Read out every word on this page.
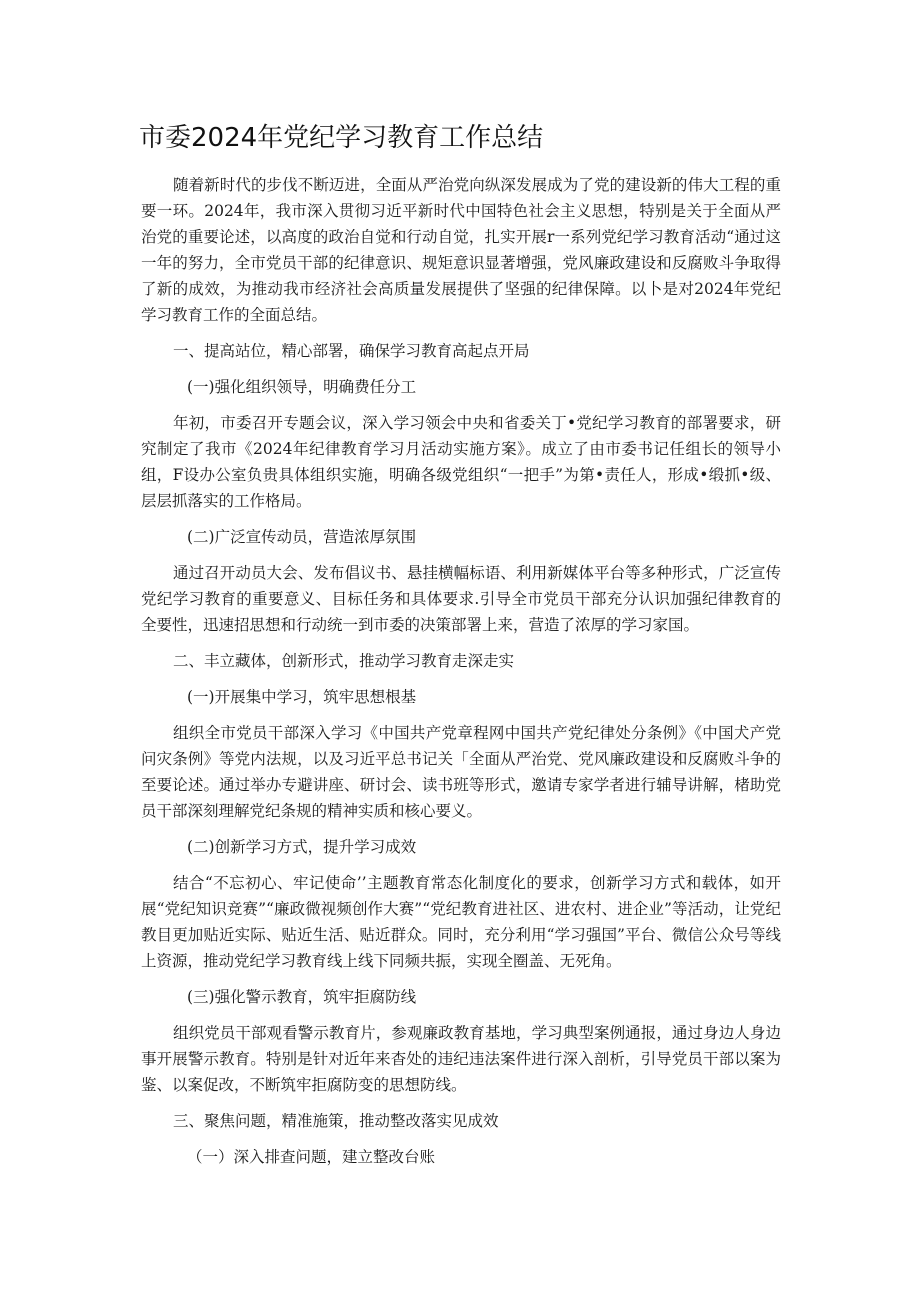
市委2024年党纪学习教育工作总结

随着新时代的步伐不断迈进，全面从严治党向纵深发展成为了党的建设新的伟大工程的重要一环。2024年，我市深入贯彻习近平新时代中国特色社会主义思想，特别是关于全面从严治党的重要论述，以高度的政治自觉和行动自觉，扎实开展r一系列党纪学习教育活动“通过这一年的努力，全市党员干部的纪律意识、规矩意识显著增强，党风廉政建设和反腐败斗争取得了新的成效，为推动我市经济社会高质量发展提供了坚强的纪律保障。以卜是对2024年党纪学习教育工作的全面总结。

一、提高站位，精心部署，确保学习教育高起点开局

(一)强化组织领导，明确费任分工

年初，市委召开专题会议，深入学习领会中央和省委关丁•党纪学习教育的部署要求，研究制定了我市《2024年纪律教育学习月活动实施方案》。成立了由市委书记任组长的领导小组，F设办公室负贵具体组织实施，明确各级党组织“一把手”为第•责任人，形成•缎抓•级、层层抓落实的工作格局。

(二)广泛宣传动员，营造浓厚氛围

通过召开动员大会、发布倡议书、悬挂横幅标语、利用新媒体平台等多种形式，广泛宣传党纪学习教育的重要意义、目标任务和具体要求.引导全市党员干部充分认识加强纪律教育的全要性，迅速招思想和行动统一到市委的决策部署上来，营造了浓厚的学习家国。

二、丰立藏体，创新形式，推动学习教育走深走实

(一)开展集中学习，筑牢思想根基

组织全市党员干部深入学习《中国共产党章程网中国共产党纪律处分条例》《中国犬产党问灾条例》等党内法规，以及习近平总书记关「全面从严治党、党风廉政建设和反腐败斗争的至要论述。通过举办专避讲座、研讨会、读书班等形式，邀请专家学者进行辅导讲解，楮助党员干部深刻理解党纪条规的精神实质和核心要义。

(二)创新学习方式，提升学习成效

结合“不忘初心、牢记使命’’主题教育常态化制度化的要求，创新学习方式和载体，如开展“党纪知识竞赛”“廉政微视频创作大赛”“党纪教育进社区、进农村、进企业”等活动，让党纪教目更加贴近实际、贴近生活、贴近群众。同时，充分利用“学习强国”平台、微信公众号等线上资源，推动党纪学习教育线上线下同频共振，实现全圈盖、无死角。

(三)强化警示教育，筑牢拒腐防线

组织党员干部观看警示教育片，参观廉政教育基地，学习典型案例通报，通过身边人身边事开展警示教育。特别是针对近年来杳处的违纪违法案件进行深入剖析，引导党员干部以案为鉴、以案促改，不断筑牢拒腐防变的思想防线。

三、聚焦问题，精准施策，推动整改落实见成效

（一）深入排查问题，建立整改台账
